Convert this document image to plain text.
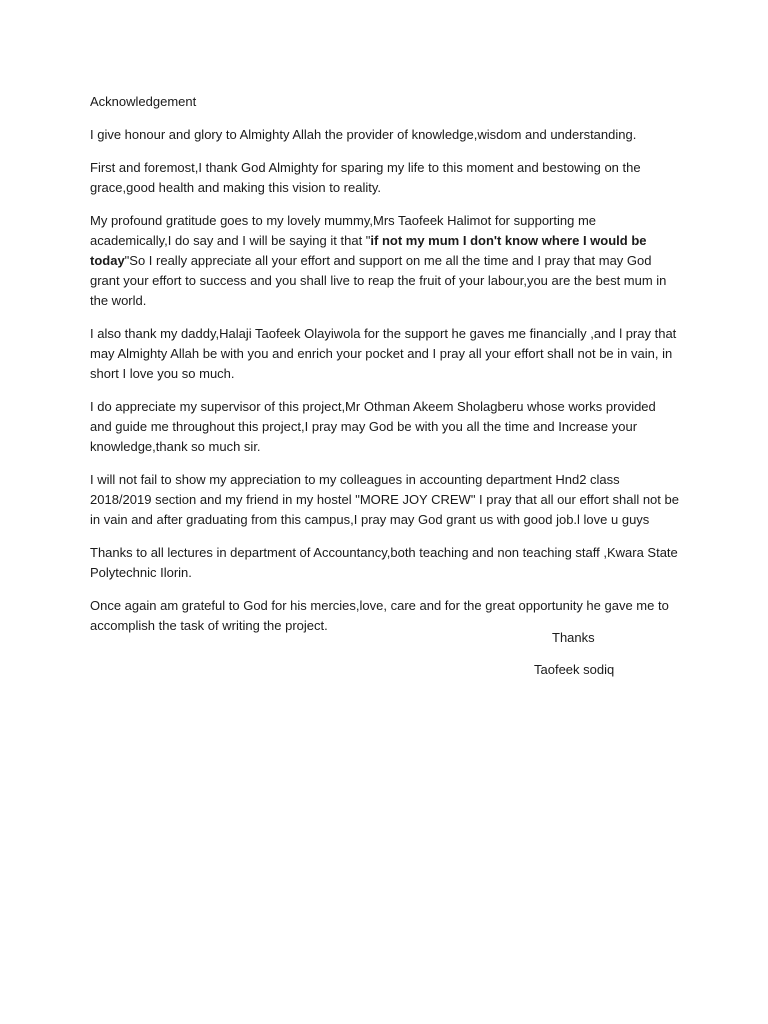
Acknowledgement

I give honour and glory to Almighty Allah the provider of knowledge,wisdom and understanding.

First and foremost,I thank God Almighty for sparing my life to this moment and bestowing on the grace,good health and making this vision to reality.

My profound gratitude goes to my lovely mummy,Mrs Taofeek Halimot for supporting me academically,I do say and I will be saying it that "if not my mum I don't know where I would be today"So I really appreciate all your effort and support on me all the time and I pray that may God grant your effort to success and you shall live to reap the fruit of your labour,you are the best mum in the world.

I also thank my daddy,Halaji Taofeek Olayiwola for the support he gaves me financially ,and l pray that may Almighty Allah be with you and enrich your pocket and I pray all your effort shall not be in vain, in short I love you so much.

I do appreciate my supervisor of this project,Mr Othman Akeem Sholagberu whose works provided and guide me throughout this project,I pray may God be with you all the time and Increase your knowledge,thank so much sir.

I will not fail to show my appreciation to my colleagues in accounting department Hnd2 class 2018/2019 section and my friend in my hostel "MORE JOY CREW" I pray that all our effort shall not be in vain and after graduating from this campus,I pray may God grant us with good job.l love u guys

Thanks to all lectures in department of Accountancy,both teaching and non teaching staff ,Kwara State Polytechnic Ilorin.

Once again am grateful to God for his mercies,love, care and for the great opportunity he gave me to accomplish the task of writing the project.

Thanks
Taofeek sodiq
